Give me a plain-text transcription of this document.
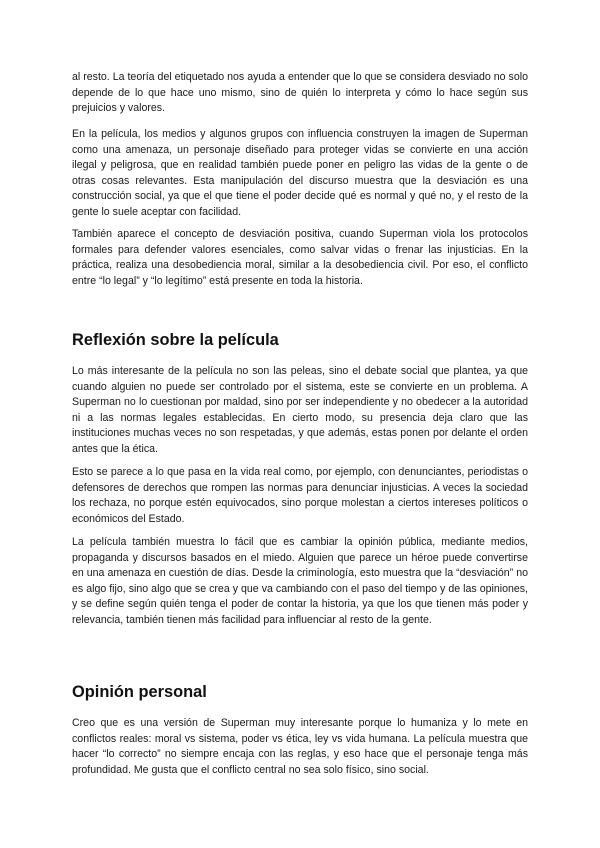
al resto. La teoría del etiquetado nos ayuda a entender que lo que se considera desviado no solo depende de lo que hace uno mismo, sino de quién lo interpreta y cómo lo hace según sus prejuicios y valores.

En la película, los medios y algunos grupos con influencia construyen la imagen de Superman como una amenaza, un personaje diseñado para proteger vidas se convierte en una acción ilegal y peligrosa, que en realidad también puede poner en peligro las vidas de la gente o de otras cosas relevantes. Esta manipulación del discurso muestra que la desviación es una construcción social, ya que el que tiene el poder decide qué es normal y qué no, y el resto de la gente lo suele aceptar con facilidad.

También aparece el concepto de desviación positiva, cuando Superman viola los protocolos formales para defender valores esenciales, como salvar vidas o frenar las injusticias. En la práctica, realiza una desobediencia moral, similar a la desobediencia civil. Por eso, el conflicto entre “lo legal” y “lo legítimo” está presente en toda la historia.

Reflexión sobre la película

Lo más interesante de la película no son las peleas, sino el debate social que plantea, ya que cuando alguien no puede ser controlado por el sistema, este se convierte en un problema. A Superman no lo cuestionan por maldad, sino por ser independiente y no obedecer a la autoridad ni a las normas legales establecidas. En cierto modo, su presencia deja claro que las instituciones muchas veces no son respetadas, y que además, estas ponen por delante el orden antes que la ética.

Esto se parece a lo que pasa en la vida real como, por ejemplo, con denunciantes, periodistas o defensores de derechos que rompen las normas para denunciar injusticias. A veces la sociedad los rechaza, no porque estén equivocados, sino porque molestan a ciertos intereses políticos o económicos del Estado.

La película también muestra lo fácil que es cambiar la opinión pública, mediante medios, propaganda y discursos basados en el miedo. Alguien que parece un héroe puede convertirse en una amenaza en cuestión de días. Desde la criminología, esto muestra que la “desviación” no es algo fijo, sino algo que se crea y que va cambiando con el paso del tiempo y de las opiniones, y se define según quién tenga el poder de contar la historia, ya que los que tienen más poder y relevancia, también tienen más facilidad para influenciar al resto de la gente.

Opinión personal

Creo que es una versión de Superman muy interesante porque lo humaniza y lo mete en conflictos reales: moral vs sistema, poder vs ética, ley vs vida humana. La película muestra que hacer “lo correcto” no siempre encaja con las reglas, y eso hace que el personaje tenga más profundidad. Me gusta que el conflicto central no sea solo físico, sino social.
